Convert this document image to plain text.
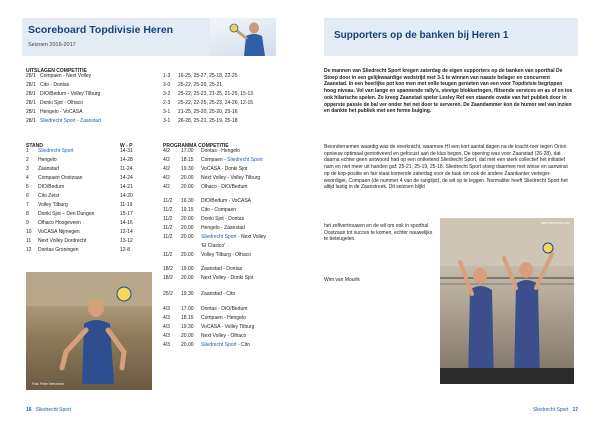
Scoreboard Topdivisie Heren
Seizoen 2016-2017
UITSLAGEN COMPETITIE
28/1 Compaen - Next Volley	1-3 16-25, 25-27, 25-18, 22-25
28/1 Cito - Dontas	3-0 25-22, 25-20, 25-21
28/1 DIO/Bedum - Volley Tilburg	3-2 25-22, 25-23, 21-25, 21-25, 15-13
28/1 Donki Sjot - Olhaco	2-3 25-22, 22-25, 25-23, 24-26, 12-15
28/1 Hengelo - VoCASA	3-1 21-25, 25-20, 25-20, 25-16
28/1 Sliedrecht Sport - Zaanstad	3-1 26-28, 25-21, 25-19, 25-18
STAND	W - P
1 Sliedrecht Sport	14-31
2 Hengelo	14-28
3 Zaanstad	11-24
4 Compaen Oostzaan	14-24
5 DIO/Bedum	14-21
6 Cito Zeist	14-20
7 Volley Tilburg	11-19
8 Donki Sjot – Den Dungen	15-17
9 Olhaco Hoogeveen	14-16
10 VoCASA Nijmegen	12-14
11 Next Volley Dordrecht	13-12
12 Dontas Groningen	12-8
PROGRAMMA COMPETITIE
4/2 17.00 Dontas - Hengelo
4/2 18.15 Compaen - Sliedrecht Sport
4/2 19.30 VoCASA - Donki Sjot
4/2 20.00 Next Volley - Volley Tilburg
4/2 20.00 Olhaco - DIO/Bedum
11/2 16.30 DIO/Bedum - VoCASA
11/2 19.15 Cito - Compaen
11/2 20.00 Donki Sjot - Dontas
11/2 20.00 Hengelo - Zaanstad
11/2 20.00 Sliedrecht Sport - Next Volley
'El Clasico'
11/2 20.00 Volley Tilburg - Olhaco
18/2 19.00 Zaanstad - Dontas
18/2 20.00 Next Volley - Donki Sjot
25/2 19.30 Zaanstad - Cito
4/3 17.00 Dontas - DIO/Bedum
4/3 18.15 Compaen - Hengelo
4/3 19.30 VoCASA - Volley Tilburg
4/3 20.00 Next Volley - Olhaco
4/3 20.00 Sliedrecht Sport - Cito
Foto: Peter Verhoeven
16 Sliedrecht Sport
Supporters op de banken bij Heren 1

De mannen van Sliedrecht Sport kregen zaterdag de eigen supporters op de banken van sporthal De Stoep door in een gelijkwaardige wedstrijd met 3-1 te winnen van naaste belager en concurrent Zaanstad. In een heerlijke pot kon men met volle teugen genieten van een voor Topdivisie begrippen hoog niveau. Vol van lange en spannende rally's, stevige blokkeringen, flitsende services en as of en toe ook hilarische spelen. Zo kreeg Zaanstad speler Lesley Ref een staande ovatie van het publiek door in opperste passie de bal ver onder het net door te serveren. De Zaandammer kon de humor wel van inzien en dankte het publiek met een ferme buiging.

Beiondernemen waardig was de veerkracht, waarmee HI een kort aantal dagen na de kracht-toer tegen Orion opnieuw optimaal gemotiveerd en gefocust aan de klus begon. De opening was voor Zaanstad (26-28), dat daarna echter geen antwoord had op een ontketend Sliedrecht Sport, dat met een sterk collectief het initiatief nam en niet meer uit handen gaf: 25-21; 25-19, 25-18. Sliedrecht Sport stoeg daarmee met winse en aanwinst op de kop-positie en fan staat komende zaterdag voor de taak om ook de andere Zaankanter verteger-woordiger, Compaen (de nummer 4 van de ranglijst), de wit op te leggen. Normaliter heeft Sliedrecht Sport het altijd lastig in de Zaanstreek. Dit seizoen blijkt

het zelfvertrouwen en de wil om ook in sporthal Oostzaan tot succes te komen, echter nauwelijks te beteugelen.

Wim van Mourik
peter verhoeven foto
Sliedrecht Sport 17
